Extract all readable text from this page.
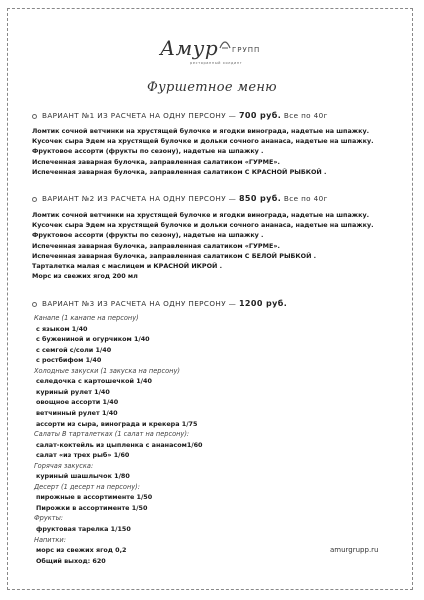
Амур ГРУПП
ресторанный холдинг
Фуршетное меню
ВАРИАНТ №1 ИЗ РАСЧЕТА НА ОДНУ ПЕРСОНУ — 700 руб. Все по 40г
Ломтик сочной ветчинки на хрустящей булочке и ягодки винограда, надетые на шпажку.
Кусочек сыра Эдем на хрустящей булочке и дольки сочного ананаса, надетые на шпажку.
Фруктовое ассорти (фрукты по сезону), надетые на шпажку .
Испеченная заварная булочка, заправленная салатиком «ГУРМЕ».
Испеченная заварная булочка, заправленная салатиком С КРАСНОЙ РЫБКОЙ .
ВАРИАНТ №2 ИЗ РАСЧЕТА НА ОДНУ ПЕРСОНУ — 850 руб. Все по 40г
Ломтик сочной ветчинки на хрустящей булочке и ягодки винограда, надетые на шпажку.
Кусочек сыра Эдем на хрустящей булочке и дольки сочного ананаса, надетые на шпажку.
Фруктовое ассорти (фрукты по сезону), надетые на шпажку .
Испеченная заварная булочка, заправленная салатиком «ГУРМЕ».
Испеченная заварная булочка, заправленная салатиком С БЕЛОЙ РЫБКОЙ .
Тарталетка малая с маслицем и КРАСНОЙ ИКРОЙ .
Морс из свежих ягод 200 мл
ВАРИАНТ №3 ИЗ РАСЧЕТА НА ОДНУ ПЕРСОНУ — 1200 руб.
Канапе (1 канапе на персону)
с языком 1/40
с бужениной и огурчиком 1/40
с семгой с/соли 1/40
с ростбифом 1/40
Холодные закуски (1 закуска на персону)
селедочка с картошечкой 1/40
куриный рулет 1/40
овощное ассорти 1/40
ветчинный рулет 1/40
ассорти из сыра, винограда и крекера 1/75
Салаты В тарталетках (1 салат на персону):
салат-коктейль из цыпленка с ананасом1/60
салат «из трех рыб» 1/60
Горячая закуска:
куриный шашлычок 1/80
Десерт (1 десерт на персону):
пирожные в ассортименте 1/50
Пирожки в ассортименте 1/50
Фрукты:
фруктовая тарелка 1/150
Напитки:
морс из свежих ягод 0,2
Общий выход: 620
amurgrupp.ru
